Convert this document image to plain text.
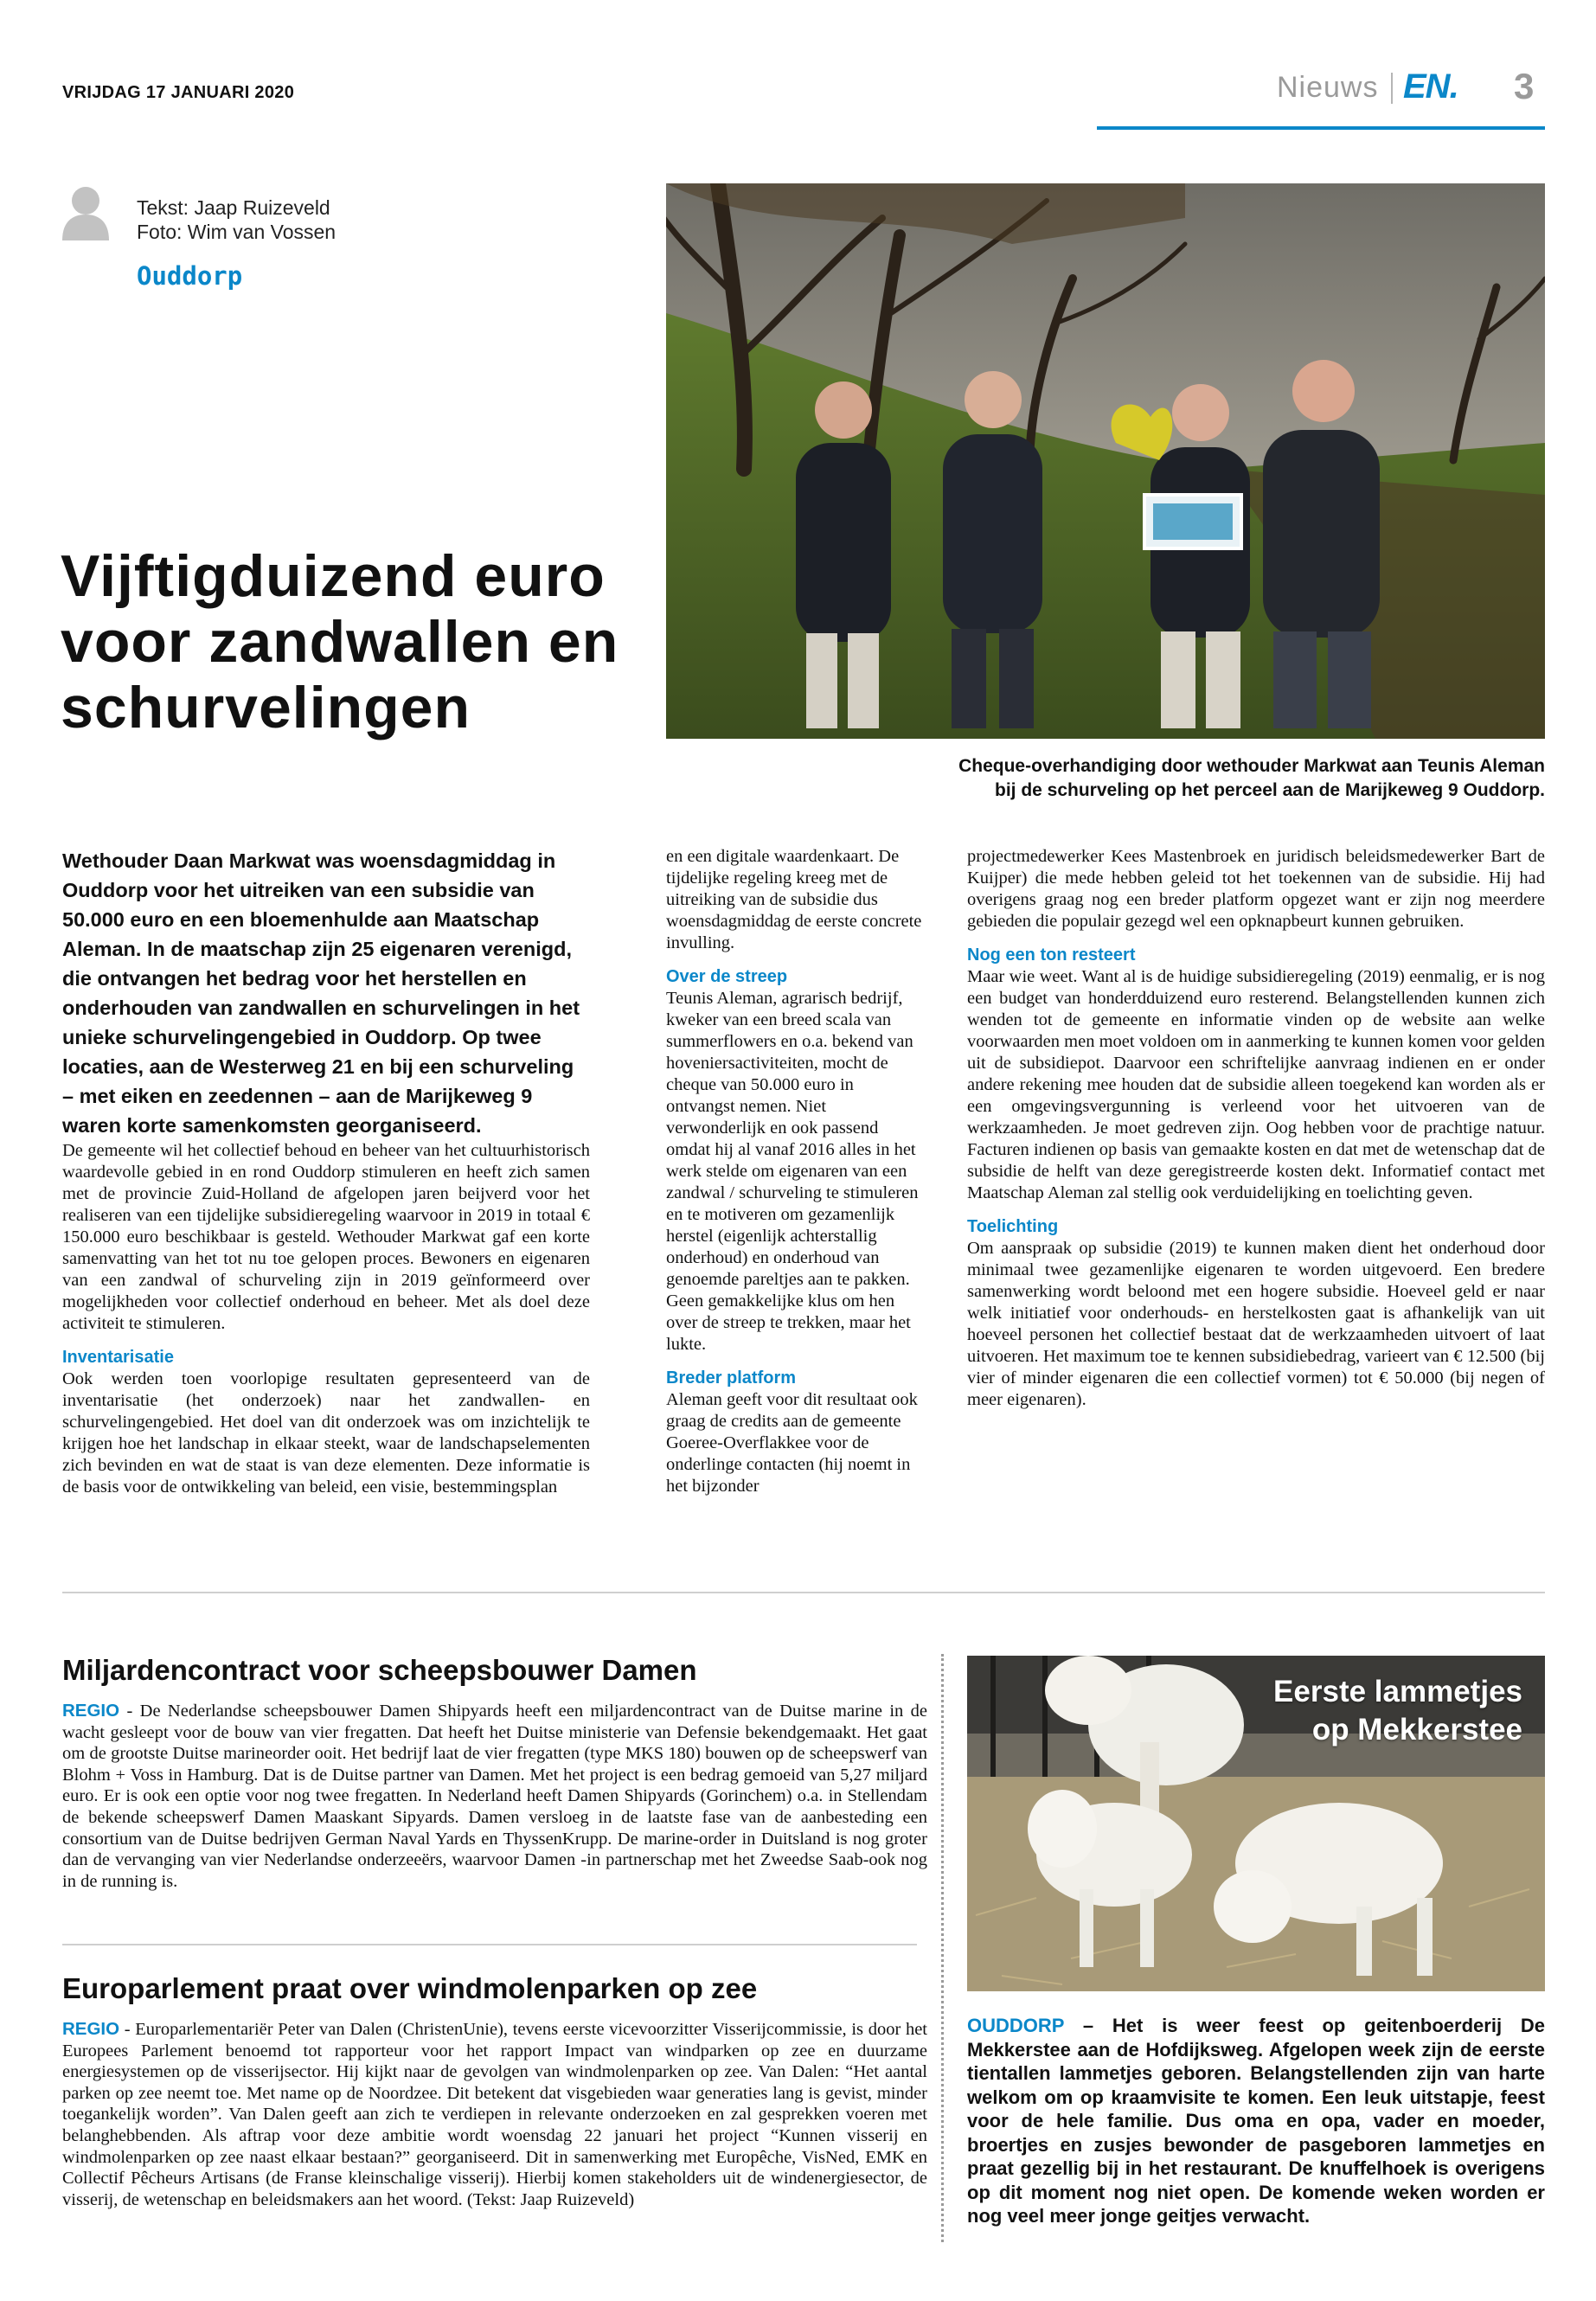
VRIJDAG 17 JANUARI 2020	Nieuws EN. 3
Tekst: Jaap Ruizeveld
Foto: Wim van Vossen
Ouddorp
Vijftigduizend euro
voor zandwallen en
schurvelingen
Cheque-overhandiging door wethouder Markwat aan Teunis Aleman
bij de schurveling op het perceel aan de Marijkeweg 9 Ouddorp.

Wethouder Daan Markwat was woensdagmiddag in Ouddorp voor het uitreiken van een subsidie van 50.000 euro en een bloemenhulde aan Maatschap Aleman. In de maatschap zijn 25 eigenaren verenigd, die ontvangen het bedrag voor het herstellen en onderhouden van zandwallen en schurvelingen in het unieke schurvelingengebied in Ouddorp. Op twee locaties, aan de Westerweg 21 en bij een schurveling – met eiken en zeedennen – aan de Marijkeweg 9 waren korte samenkomsten georganiseerd.

De gemeente wil het collectief behoud en beheer van het cultuurhistorisch waardevolle gebied in en rond Ouddorp stimuleren en heeft zich samen met de provincie Zuid-Holland de afgelopen jaren beijverd voor het realiseren van een tijdelijke subsidieregeling waarvoor in 2019 in totaal € 150.000 euro beschikbaar is gesteld. Wethouder Markwat gaf een korte samenvatting van het tot nu toe gelopen proces. Bewoners en eigenaren van een zandwal of schurveling zijn in 2019 geïnformeerd over mogelijkheden voor collectief onderhoud en beheer. Met als doel deze activiteit te stimuleren.

Inventarisatie

Ook werden toen voorlopige resultaten gepresenteerd van de inventarisatie (het onderzoek) naar het zandwallen- en schurvelingengebied. Het doel van dit onderzoek was om inzichtelijk te krijgen hoe het landschap in elkaar steekt, waar de landschapselementen zich bevinden en wat de staat is van deze elementen. Deze informatie is de basis voor de ontwikkeling van beleid, een visie, bestemmingsplan

en een digitale waardenkaart. De tijdelijke regeling kreeg met de uitreiking van de subsidie dus woensdagmiddag de eerste concrete invulling.

Over de streep

Teunis Aleman, agrarisch bedrijf, kweker van een breed scala van summerflowers en o.a. bekend van hoveniersactiviteiten, mocht de cheque van 50.000 euro in ontvangst nemen. Niet verwonderlijk en ook passend omdat hij al vanaf 2016 alles in het werk stelde om eigenaren van een zandwal / schurveling te stimuleren en te motiveren om gezamenlijk herstel (eigenlijk achterstallig onderhoud) en onderhoud van genoemde pareltjes aan te pakken. Geen gemakkelijke klus om hen over de streep te trekken, maar het lukte.

Breder platform

Aleman geeft voor dit resultaat ook graag de credits aan de gemeente Goeree-Overflakkee voor de onderlinge contacten (hij noemt in het bijzonder

projectmedewerker Kees Mastenbroek en juridisch beleidsmedewerker Bart de Kuijper) die mede hebben geleid tot het toekennen van de subsidie. Hij had overigens graag nog een breder platform opgezet want er zijn nog meerdere gebieden die populair gezegd wel een opknapbeurt kunnen gebruiken.

Nog een ton resteert

Maar wie weet. Want al is de huidige subsidieregeling (2019) eenmalig, er is nog een budget van honderdduizend euro resterend. Belangstellenden kunnen zich wenden tot de gemeente en informatie vinden op de website aan welke voorwaarden men moet voldoen om in aanmerking te kunnen komen voor gelden uit de subsidiepot. Daarvoor een schriftelijke aanvraag indienen en er onder andere rekening mee houden dat de subsidie alleen toegekend kan worden als er een omgevingsvergunning is verleend voor het uitvoeren van de werkzaamheden. Je moet gedreven zijn. Oog hebben voor de prachtige natuur. Facturen indienen op basis van gemaakte kosten en dat met de wetenschap dat de subsidie de helft van deze geregistreerde kosten dekt. Informatief contact met Maatschap Aleman zal stellig ook verduidelijking en toelichting geven.

Toelichting

Om aanspraak op subsidie (2019) te kunnen maken dient het onderhoud door minimaal twee gezamenlijke eigenaren te worden uitgevoerd. Een bredere samenwerking wordt beloond met een hogere subsidie. Hoeveel geld er naar welk initiatief voor onderhouds- en herstelkosten gaat is afhankelijk van uit hoeveel personen het collectief bestaat dat de werkzaamheden uitvoert of laat uitvoeren. Het maximum toe te kennen subsidiebedrag, varieert van € 12.500 (bij vier of minder eigenaren die een collectief vormen) tot € 50.000 (bij negen of meer eigenaren).

Miljardencontract voor scheepsbouwer Damen
REGIO - De Nederlandse scheepsbouwer Damen Shipyards heeft een miljardencontract van de Duitse marine in de wacht gesleept voor de bouw van vier fregatten. Dat heeft het Duitse ministerie van Defensie bekendgemaakt. Het gaat om de grootste Duitse marineorder ooit. Het bedrijf laat de vier fregatten (type MKS 180) bouwen op de scheepswerf van Blohm + Voss in Hamburg. Dat is de Duitse partner van Damen. Met het project is een bedrag gemoeid van 5,27 miljard euro. Er is ook een optie voor nog twee fregatten. In Nederland heeft Damen Shipyards (Gorinchem) o.a. in Stellendam de bekende scheepswerf Damen Maaskant Sipyards. Damen versloeg in de laatste fase van de aanbesteding een consortium van de Duitse bedrijven German Naval Yards en ThyssenKrupp. De marine-order in Duitsland is nog groter dan de vervanging van vier Nederlandse onderzeeërs, waarvoor Damen -in partnerschap met het Zweedse Saab-ook nog in de running is.
Europarlement praat over windmolenparken op zee
REGIO - Europarlementariër Peter van Dalen (ChristenUnie), tevens eerste vicevoorzitter Visserijcommissie, is door het Europees Parlement benoemd tot rapporteur voor het rapport Impact van windparken op zee en duurzame energiesystemen op de visserijsector. Hij kijkt naar de gevolgen van windmolenparken op zee. Van Dalen: “Het aantal parken op zee neemt toe. Met name op de Noordzee. Dit betekent dat visgebieden waar generaties lang is gevist, minder toegankelijk worden”. Van Dalen geeft aan zich te verdiepen in relevante onderzoeken en zal gesprekken voeren met belanghebbenden. Als aftrap voor deze ambitie wordt woensdag 22 januari het project “Kunnen visserij en windmolenparken op zee naast elkaar bestaan?” georganiseerd. Dit in samenwerking met Europêche, VisNed, EMK en Collectif Pêcheurs Artisans (de Franse kleinschalige visserij). Hierbij komen stakeholders uit de windenergiesector, de visserij, de wetenschap en beleidsmakers aan het woord. (Tekst: Jaap Ruizeveld)
Eerste lammetjes
op Mekkerstee
OUDDORP – Het is weer feest op geitenboerderij De Mekkerstee aan de Hofdijksweg. Afgelopen week zijn de eerste tientallen lammetjes geboren. Belangstellenden zijn van harte welkom om op kraamvisite te komen. Een leuk uitstapje, feest voor de hele familie. Dus oma en opa, vader en moeder, broertjes en zusjes bewonder de pasgeboren lammetjes en praat gezellig bij in het restaurant. De knuffelhoek is overigens op dit moment nog niet open. De komende weken worden er nog veel meer jonge geitjes verwacht.
